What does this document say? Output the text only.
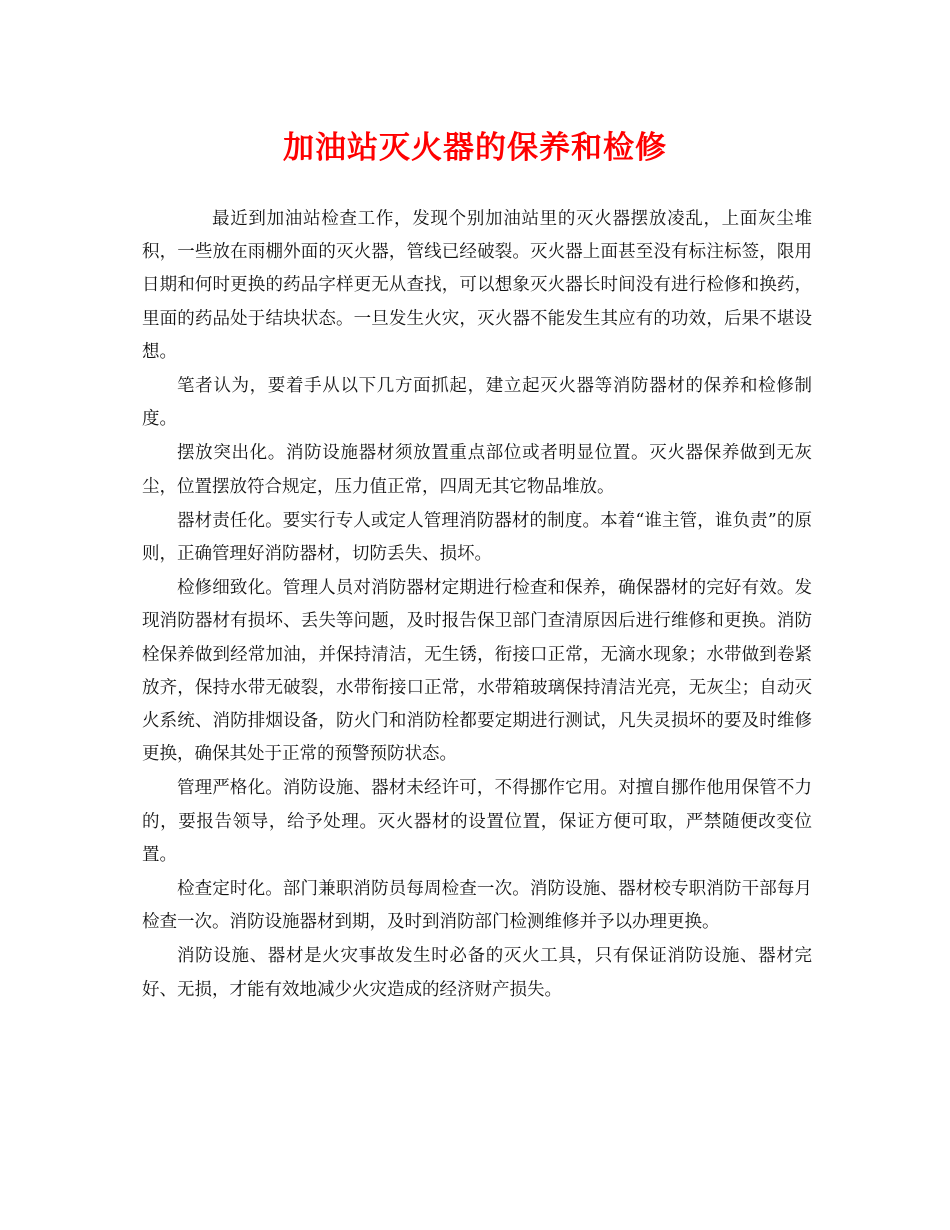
加油站灭火器的保养和检修

最近到加油站检查工作，发现个别加油站里的灭火器摆放凌乱，上面灰尘堆积，一些放在雨棚外面的灭火器，管线已经破裂。灭火器上面甚至没有标注标签，限用日期和何时更换的药品字样更无从查找，可以想象灭火器长时间没有进行检修和换药，里面的药品处于结块状态。一旦发生火灾，灭火器不能发生其应有的功效，后果不堪设想。

笔者认为，要着手从以下几方面抓起，建立起灭火器等消防器材的保养和检修制度。

摆放突出化。消防设施器材须放置重点部位或者明显位置。灭火器保养做到无灰尘，位置摆放符合规定，压力值正常，四周无其它物品堆放。

器材责任化。要实行专人或定人管理消防器材的制度。本着“谁主管，谁负责”的原则，正确管理好消防器材，切防丢失、损坏。

检修细致化。管理人员对消防器材定期进行检查和保养，确保器材的完好有效。发现消防器材有损坏、丢失等问题，及时报告保卫部门查清原因后进行维修和更换。消防栓保养做到经常加油，并保持清洁，无生锈，衔接口正常，无滴水现象；水带做到卷紧放齐，保持水带无破裂，水带衔接口正常，水带箱玻璃保持清洁光亮，无灰尘；自动灭火系统、消防排烟设备，防火门和消防栓都要定期进行测试，凡失灵损坏的要及时维修更换，确保其处于正常的预警预防状态。

管理严格化。消防设施、器材未经许可，不得挪作它用。对擅自挪作他用保管不力的，要报告领导，给予处理。灭火器材的设置位置，保证方便可取，严禁随便改变位置。

检查定时化。部门兼职消防员每周检查一次。消防设施、器材校专职消防干部每月检查一次。消防设施器材到期，及时到消防部门检测维修并予以办理更换。

消防设施、器材是火灾事故发生时必备的灭火工具，只有保证消防设施、器材完好、无损，才能有效地减少火灾造成的经济财产损失。
